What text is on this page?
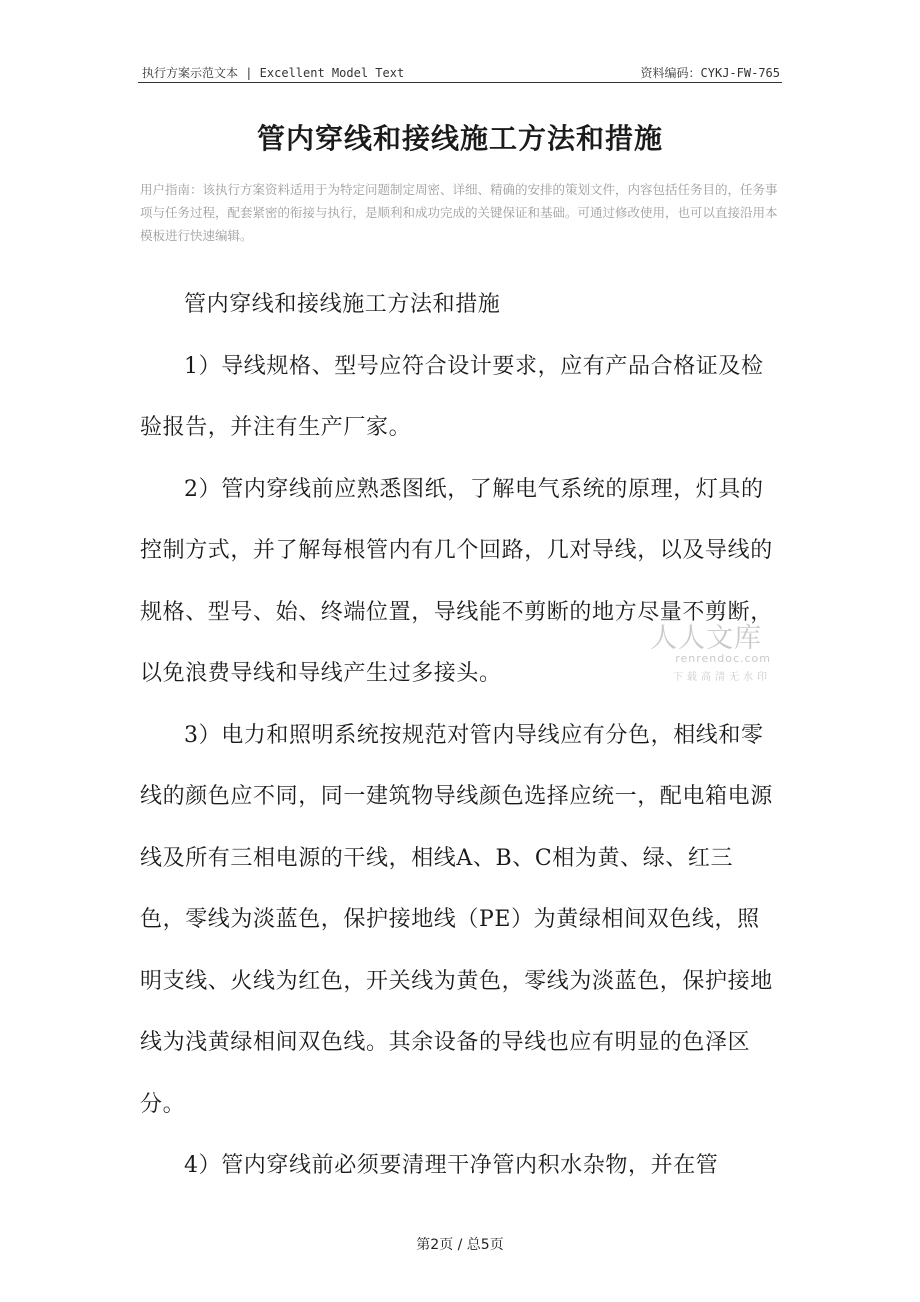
执行方案示范文本 | Excellent Model Text	资料编码：CYKJ-FW-765
管内穿线和接线施工方法和措施
用户指南：该执行方案资料适用于为特定问题制定周密、详细、精确的安排的策划文件，内容包括任务目的，任务事项与任务过程，配套紧密的衔接与执行，是顺利和成功完成的关键保证和基础。可通过修改使用，也可以直接沿用本模板进行快速编辑。

管内穿线和接线施工方法和措施

1）导线规格、型号应符合设计要求，应有产品合格证及检验报告，并注有生产厂家。

2）管内穿线前应熟悉图纸，了解电气系统的原理，灯具的控制方式，并了解每根管内有几个回路，几对导线，以及导线的规格、型号、始、终端位置，导线能不剪断的地方尽量不剪断，以免浪费导线和导线产生过多接头。

3）电力和照明系统按规范对管内导线应有分色，相线和零线的颜色应不同，同一建筑物导线颜色选择应统一，配电箱电源线及所有三相电源的干线，相线A、B、C相为黄、绿、红三色，零线为淡蓝色，保护接地线（PE）为黄绿相间双色线，照明支线、火线为红色，开关线为黄色，零线为淡蓝色，保护接地线为浅黄绿相间双色线。其余设备的导线也应有明显的色泽区分。

4）管内穿线前必须要清理干净管内积水杂物，并在管

人人文库
renrendoc.com
下载高清无水印
第2页 / 总5页
